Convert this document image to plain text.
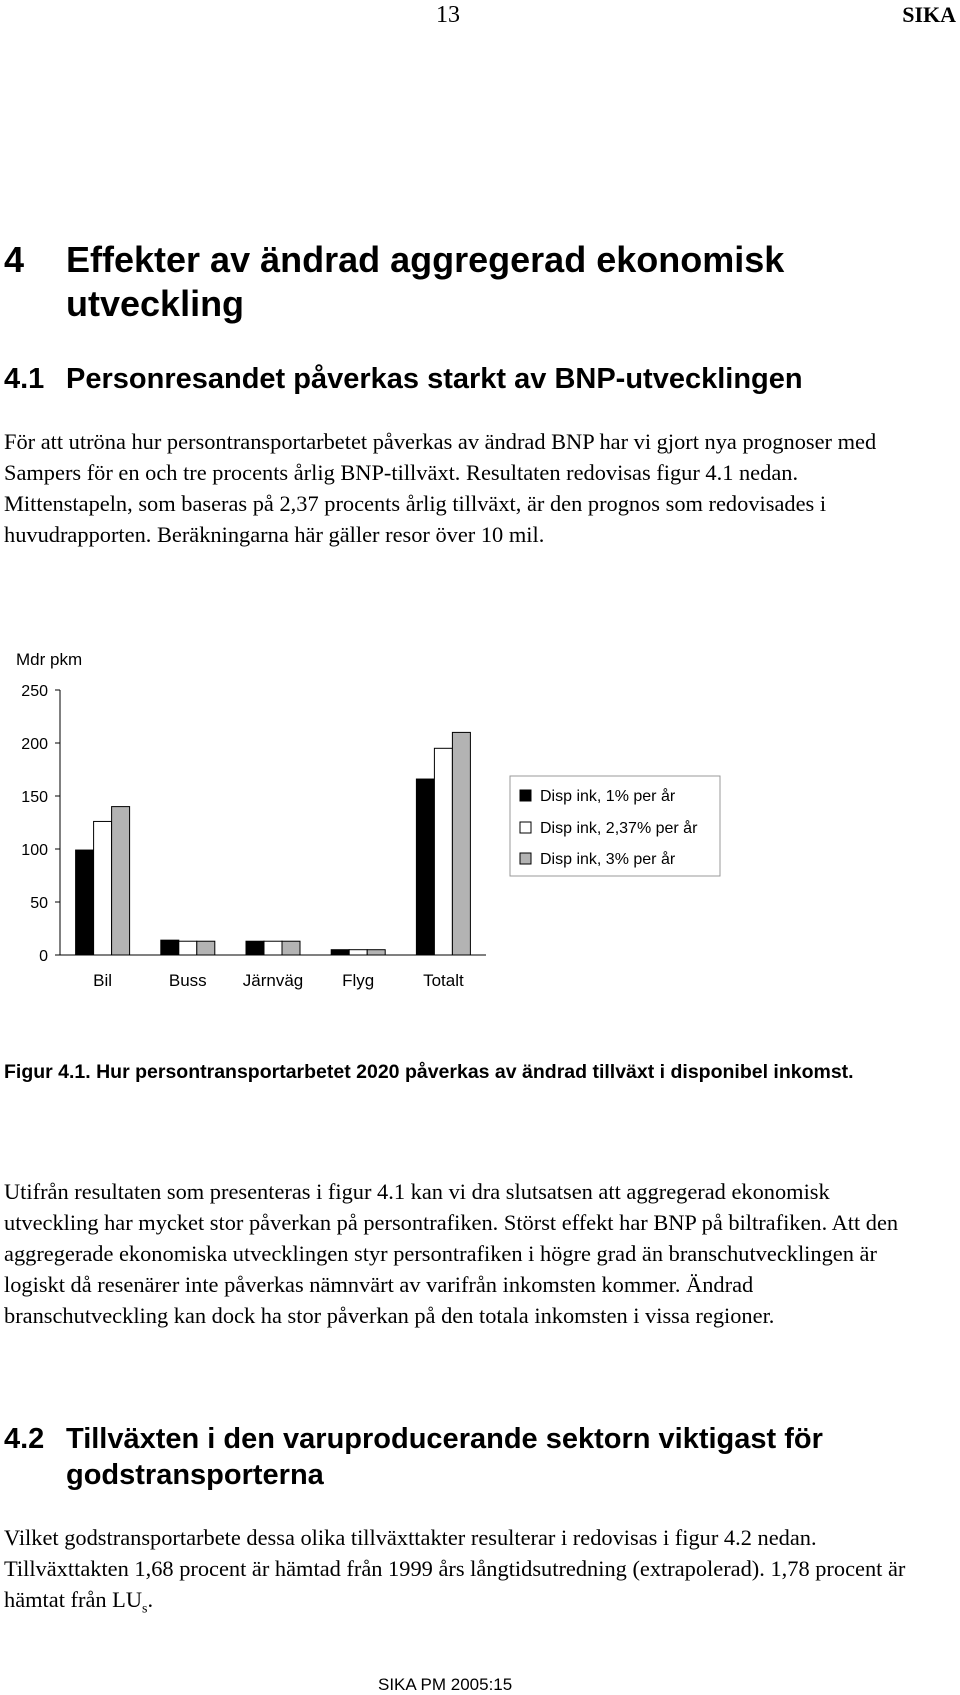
13	SIKA
4 Effekter av ändrad aggregerad ekonomisk utveckling
4.1 Personresandet påverkas starkt av BNP-utvecklingen
För att utröna hur persontransportarbetet påverkas av ändrad BNP har vi gjort nya prognoser med Sampers för en och tre procents årlig BNP-tillväxt. Resultaten redovisas figur 4.1 nedan. Mittenstapeln, som baseras på 2,37 procents årlig tillväxt, är den prognos som redovisades i huvudrapporten. Beräkningarna här gäller resor över 10 mil.
Mdr pkm
0
50
100
150
200
250
Bil	Buss Järnväg Flyg	Totalt
Disp ink, 1% per år
Disp ink, 2,37% per år
Disp ink, 3% per år
Figur 4.1. Hur persontransportarbetet 2020 påverkas av ändrad tillväxt i disponibel inkomst.
Utifrån resultaten som presenteras i figur 4.1 kan vi dra slutsatsen att aggregerad ekonomisk utveckling har mycket stor påverkan på persontrafiken. Störst effekt har BNP på biltrafiken. Att den aggregerade ekonomiska utvecklingen styr persontrafiken i högre grad än branschutvecklingen är logiskt då resenärer inte påverkas nämnvärt av varifrån inkomsten kommer. Ändrad branschutveckling kan dock ha stor påverkan på den totala inkomsten i vissa regioner.
4.2 Tillväxten i den varuproducerande sektorn viktigast för godstransporterna
Vilket godstransportarbete dessa olika tillväxttakter resulterar i redovisas i figur 4.2 nedan. Tillväxttakten 1,68 procent är hämtad från 1999 års långtidsutredning (extrapolerad). 1,78 procent är hämtat från $LU_s$.
SIKA PM 2005:15
